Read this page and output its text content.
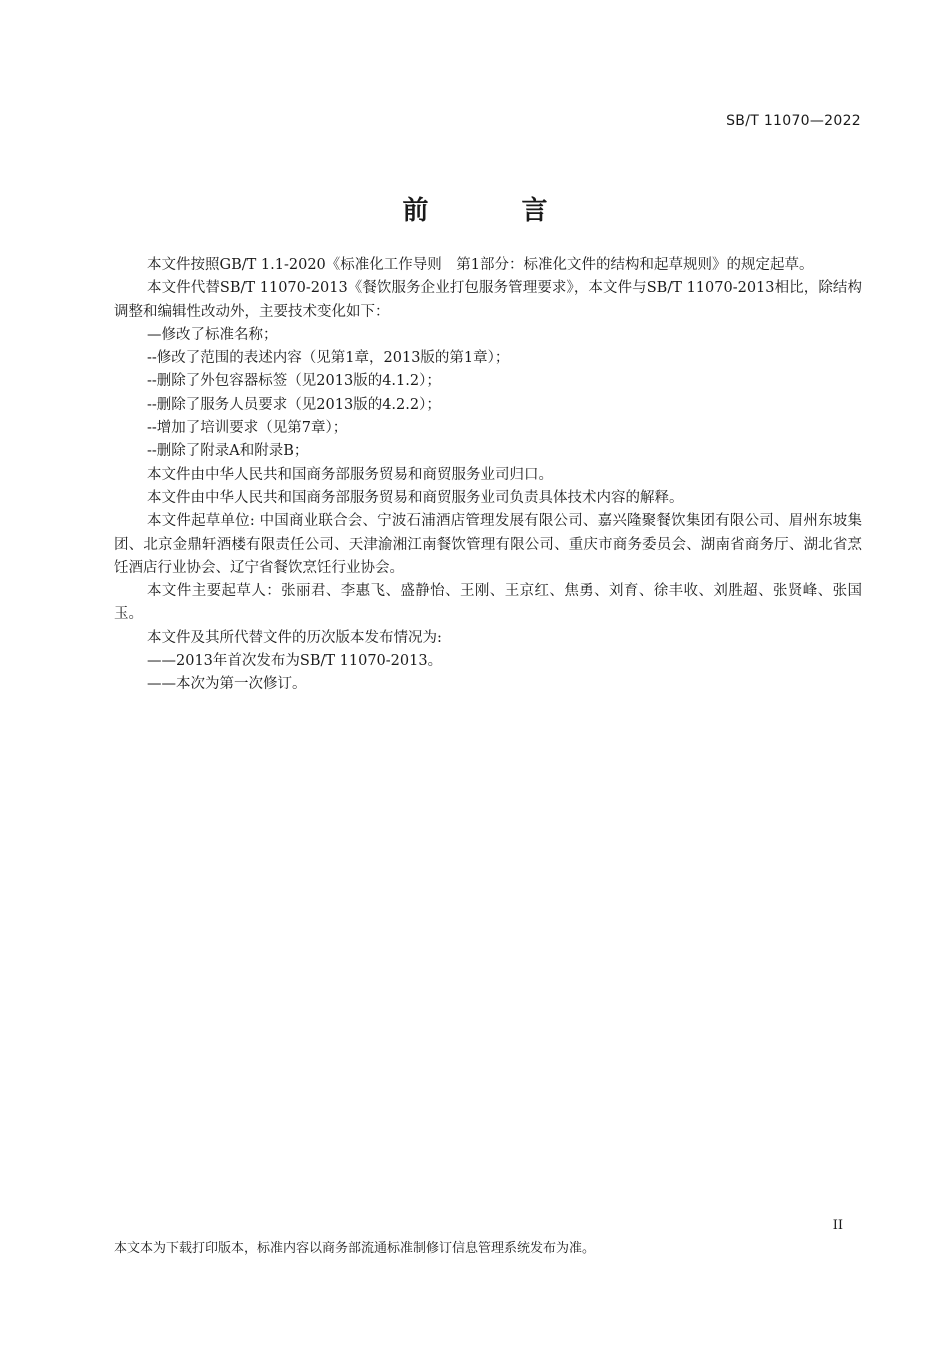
SB/T 11070—2022
前 言

本文件按照GB/T 1.1-2020《标准化工作导则　第1部分：标准化文件的结构和起草规则》的规定起草。

本文件代替SB/T 11070-2013《餐饮服务企业打包服务管理要求》，本文件与SB/T 11070-2013相比，除结构调整和编辑性改动外，主要技术变化如下：

—修改了标准名称；

--修改了范围的表述内容（见第1章，2013版的第1章）；

--删除了外包容器标签（见2013版的4.1.2）；

--删除了服务人员要求（见2013版的4.2.2）；

--增加了培训要求（见第7章）；

--删除了附录A和附录B；

本文件由中华人民共和国商务部服务贸易和商贸服务业司归口。

本文件由中华人民共和国商务部服务贸易和商贸服务业司负责具体技术内容的解释。

本文件起草单位: 中国商业联合会、宁波石浦酒店管理发展有限公司、嘉兴隆聚餐饮集团有限公司、眉州东坡集团、北京金鼎轩酒楼有限责任公司、天津渝湘江南餐饮管理有限公司、重庆市商务委员会、湖南省商务厅、湖北省烹饪酒店行业协会、辽宁省餐饮烹饪行业协会。

本文件主要起草人：张丽君、李惠飞、盛静怡、王刚、王京红、焦勇、刘育、徐丰收、刘胜超、张贤峰、张国玉。

本文件及其所代替文件的历次版本发布情况为:

——2013年首次发布为SB/T 11070-2013。

——本次为第一次修订。

II
本文本为下载打印版本，标准内容以商务部流通标准制修订信息管理系统发布为准。
